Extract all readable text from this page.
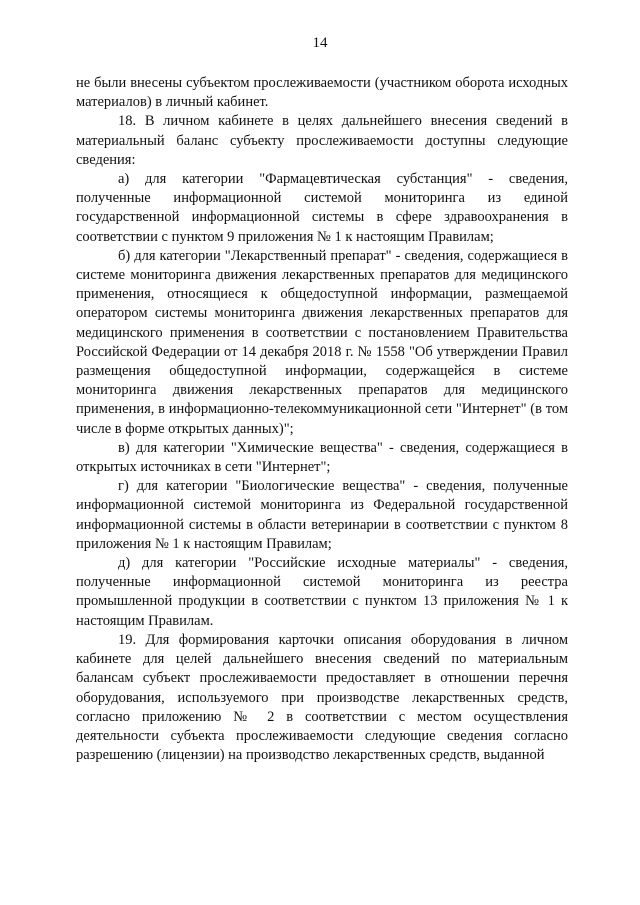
14

не были внесены субъектом прослеживаемости (участником оборота исходных материалов) в личный кабинет.

18. В личном кабинете в целях дальнейшего внесения сведений в материальный баланс субъекту прослеживаемости доступны следующие сведения:

а) для категории "Фармацевтическая субстанция" - сведения, полученные информационной системой мониторинга из единой государственной информационной системы в сфере здравоохранения в соответствии с пунктом 9 приложения № 1 к настоящим Правилам;

б) для категории "Лекарственный препарат" - сведения, содержащиеся в системе мониторинга движения лекарственных препаратов для медицинского применения, относящиеся к общедоступной информации, размещаемой оператором системы мониторинга движения лекарственных препаратов для медицинского применения в соответствии с постановлением Правительства Российской Федерации от 14 декабря 2018 г. № 1558 "Об утверждении Правил размещения общедоступной информации, содержащейся в системе мониторинга движения лекарственных препаратов для медицинского применения, в информационно-телекоммуникационной сети "Интернет" (в том числе в форме открытых данных)";

в) для категории "Химические вещества" - сведения, содержащиеся в открытых источниках в сети "Интернет";

г) для категории "Биологические вещества" - сведения, полученные информационной системой мониторинга из Федеральной государственной информационной системы в области ветеринарии в соответствии с пунктом 8 приложения № 1 к настоящим Правилам;

д) для категории "Российские исходные материалы" - сведения, полученные информационной системой мониторинга из реестра промышленной продукции в соответствии с пунктом 13 приложения № 1 к настоящим Правилам.

19. Для формирования карточки описания оборудования в личном кабинете для целей дальнейшего внесения сведений по материальным балансам субъект прослеживаемости предоставляет в отношении перечня оборудования, используемого при производстве лекарственных средств, согласно приложению № 2 в соответствии с местом осуществления деятельности субъекта прослеживаемости следующие сведения согласно разрешению (лицензии) на производство лекарственных средств, выданной
